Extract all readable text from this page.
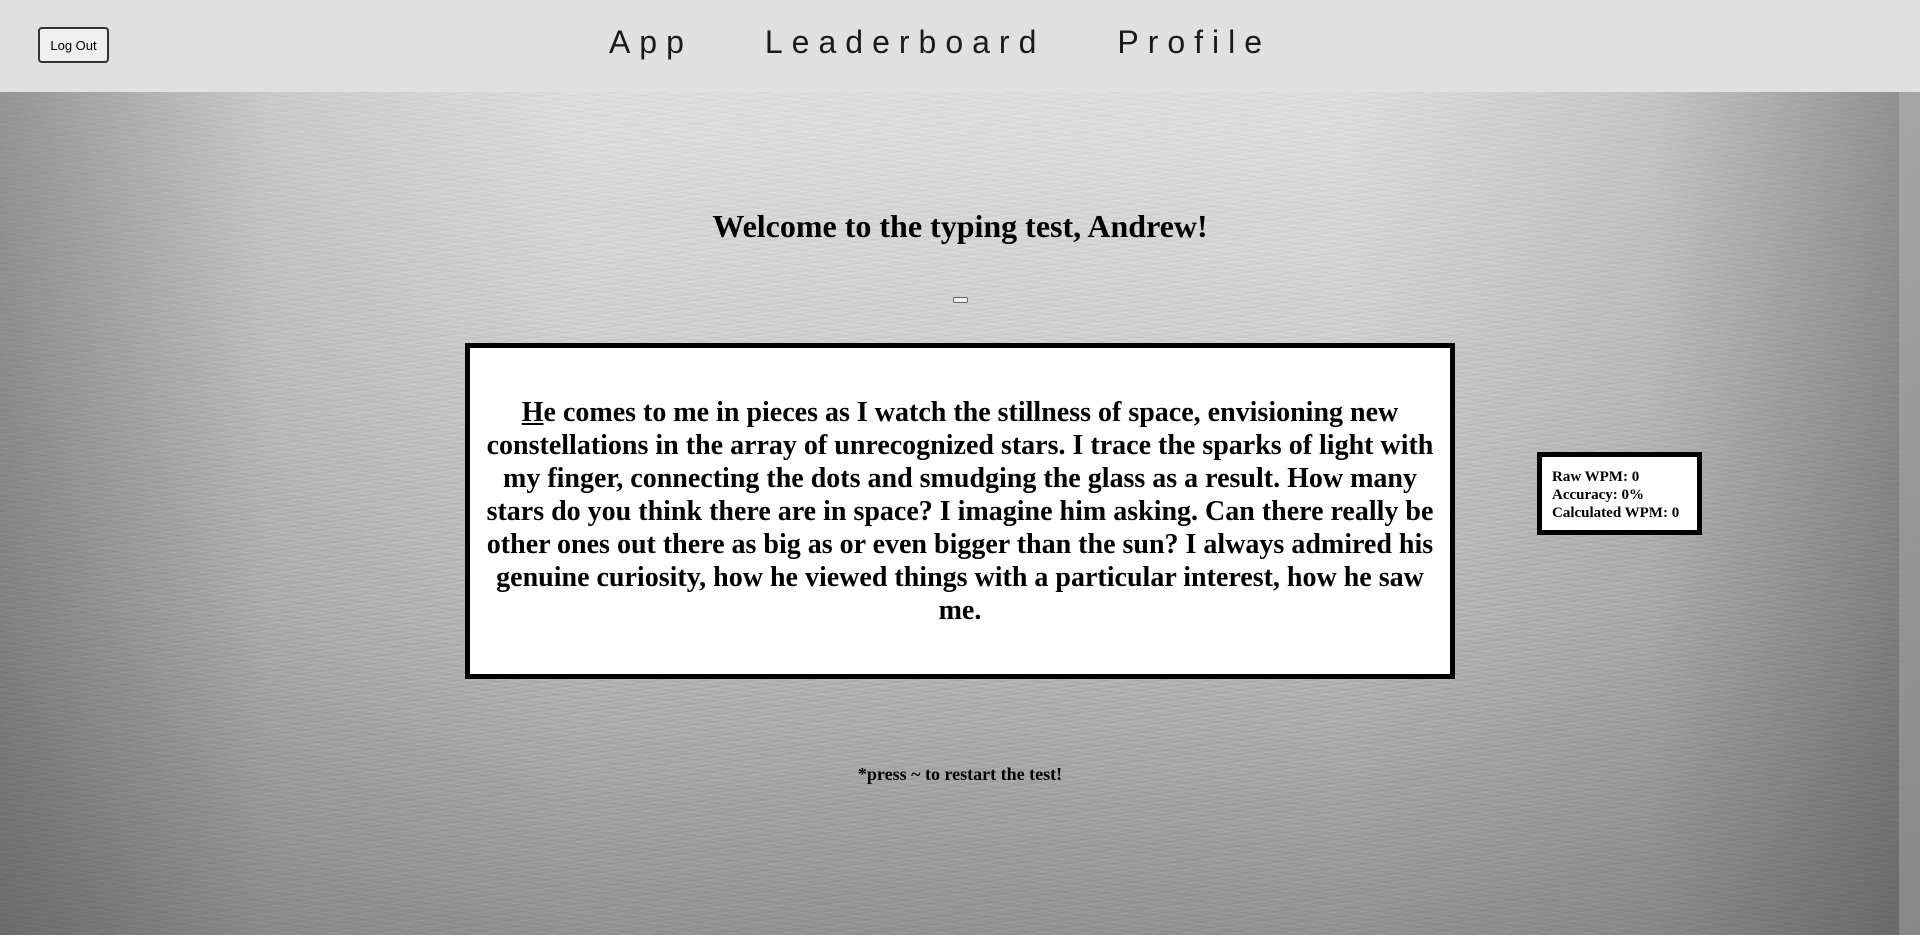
Log Out	App Leaderboard Profile
Welcome to the typing test, Andrew!

He comes to me in pieces as I watch the stillness of space, envisioning new constellations in the array of unrecognized stars. I trace the sparks of light with my finger, connecting the dots and smudging the glass as a result. How many stars do you think there are in space? I imagine him asking. Can there really be other ones out there as big as or even bigger than the sun? I always admired his genuine curiosity, how he viewed things with a particular interest, how he saw me.

Raw WPM: 0
Accuracy: 0%
Calculated WPM: 0

*press ~ to restart the test!
